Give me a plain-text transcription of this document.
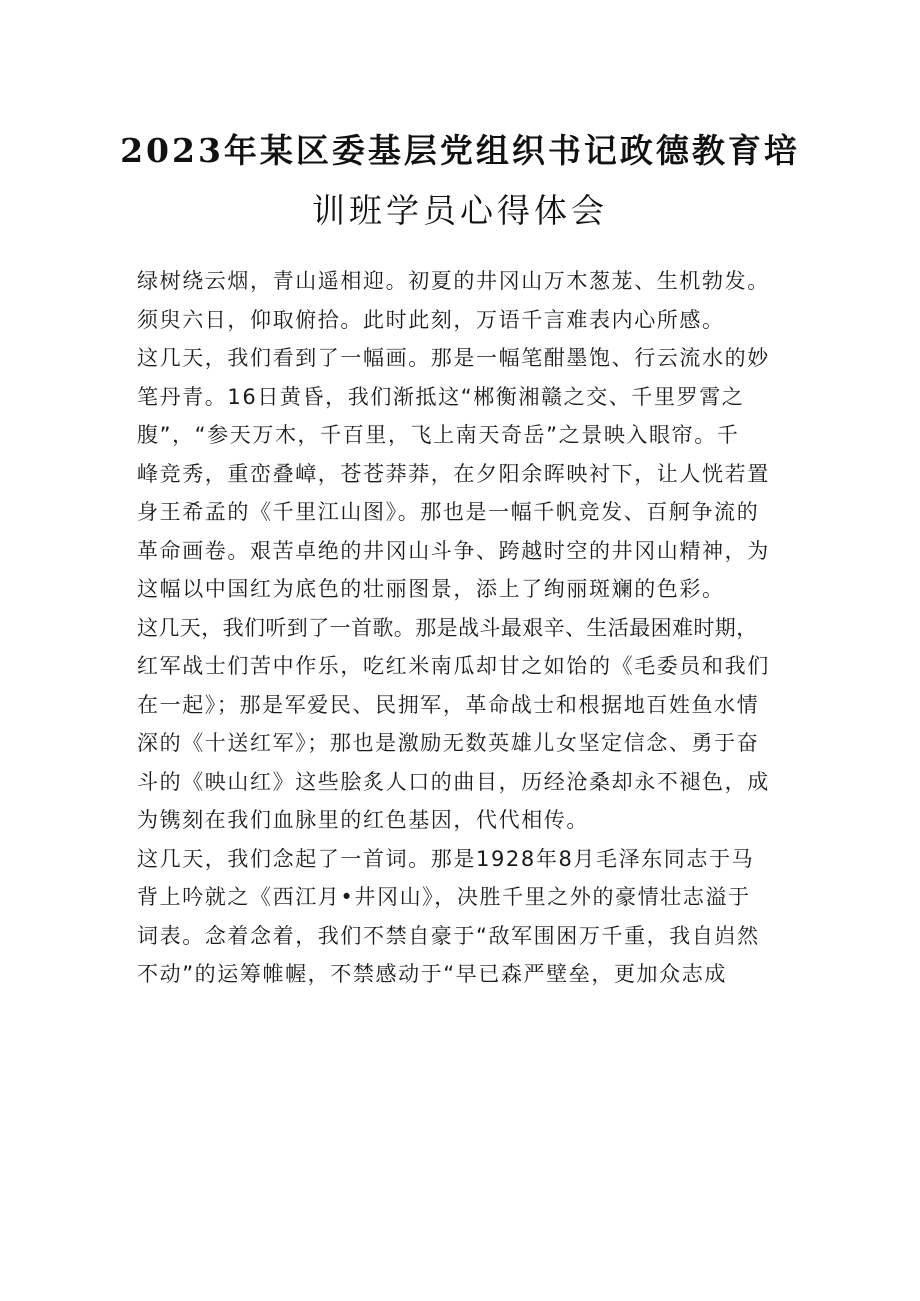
2023年某区委基层党组织书记政德教育培
训班学员心得体会
绿树绕云烟，青山遥相迎。初夏的井冈山万木葱茏、生机勃发。
须臾六日，仰取俯拾。此时此刻，万语千言难表内心所感。
这几天，我们看到了一幅画。那是一幅笔酣墨饱、行云流水的妙
笔丹青。16日黄昏，我们渐抵这“郴衡湘赣之交、千里罗霄之
腹”，“参天万木，千百里，飞上南天奇岳”之景映入眼帘。千
峰竞秀，重峦叠嶂，苍苍莽莽，在夕阳余晖映衬下，让人恍若置
身王希孟的《千里江山图》。那也是一幅千帆竞发、百舸争流的
革命画卷。艰苦卓绝的井冈山斗争、跨越时空的井冈山精神，为
这幅以中国红为底色的壮丽图景，添上了绚丽斑斓的色彩。
这几天，我们听到了一首歌。那是战斗最艰辛、生活最困难时期，
红军战士们苦中作乐，吃红米南瓜却甘之如饴的《毛委员和我们
在一起》；那是军爱民、民拥军，革命战士和根据地百姓鱼水情
深的《十送红军》；那也是激励无数英雄儿女坚定信念、勇于奋
斗的《映山红》这些脍炙人口的曲目，历经沧桑却永不褪色，成
为镌刻在我们血脉里的红色基因，代代相传。
这几天，我们念起了一首词。那是1928年8月毛泽东同志于马
背上吟就之《西江月•井冈山》，决胜千里之外的豪情壮志溢于
词表。念着念着，我们不禁自豪于“敌军围困万千重，我自岿然
不动”的运筹帷幄，不禁感动于“早已森严壁垒，更加众志成
